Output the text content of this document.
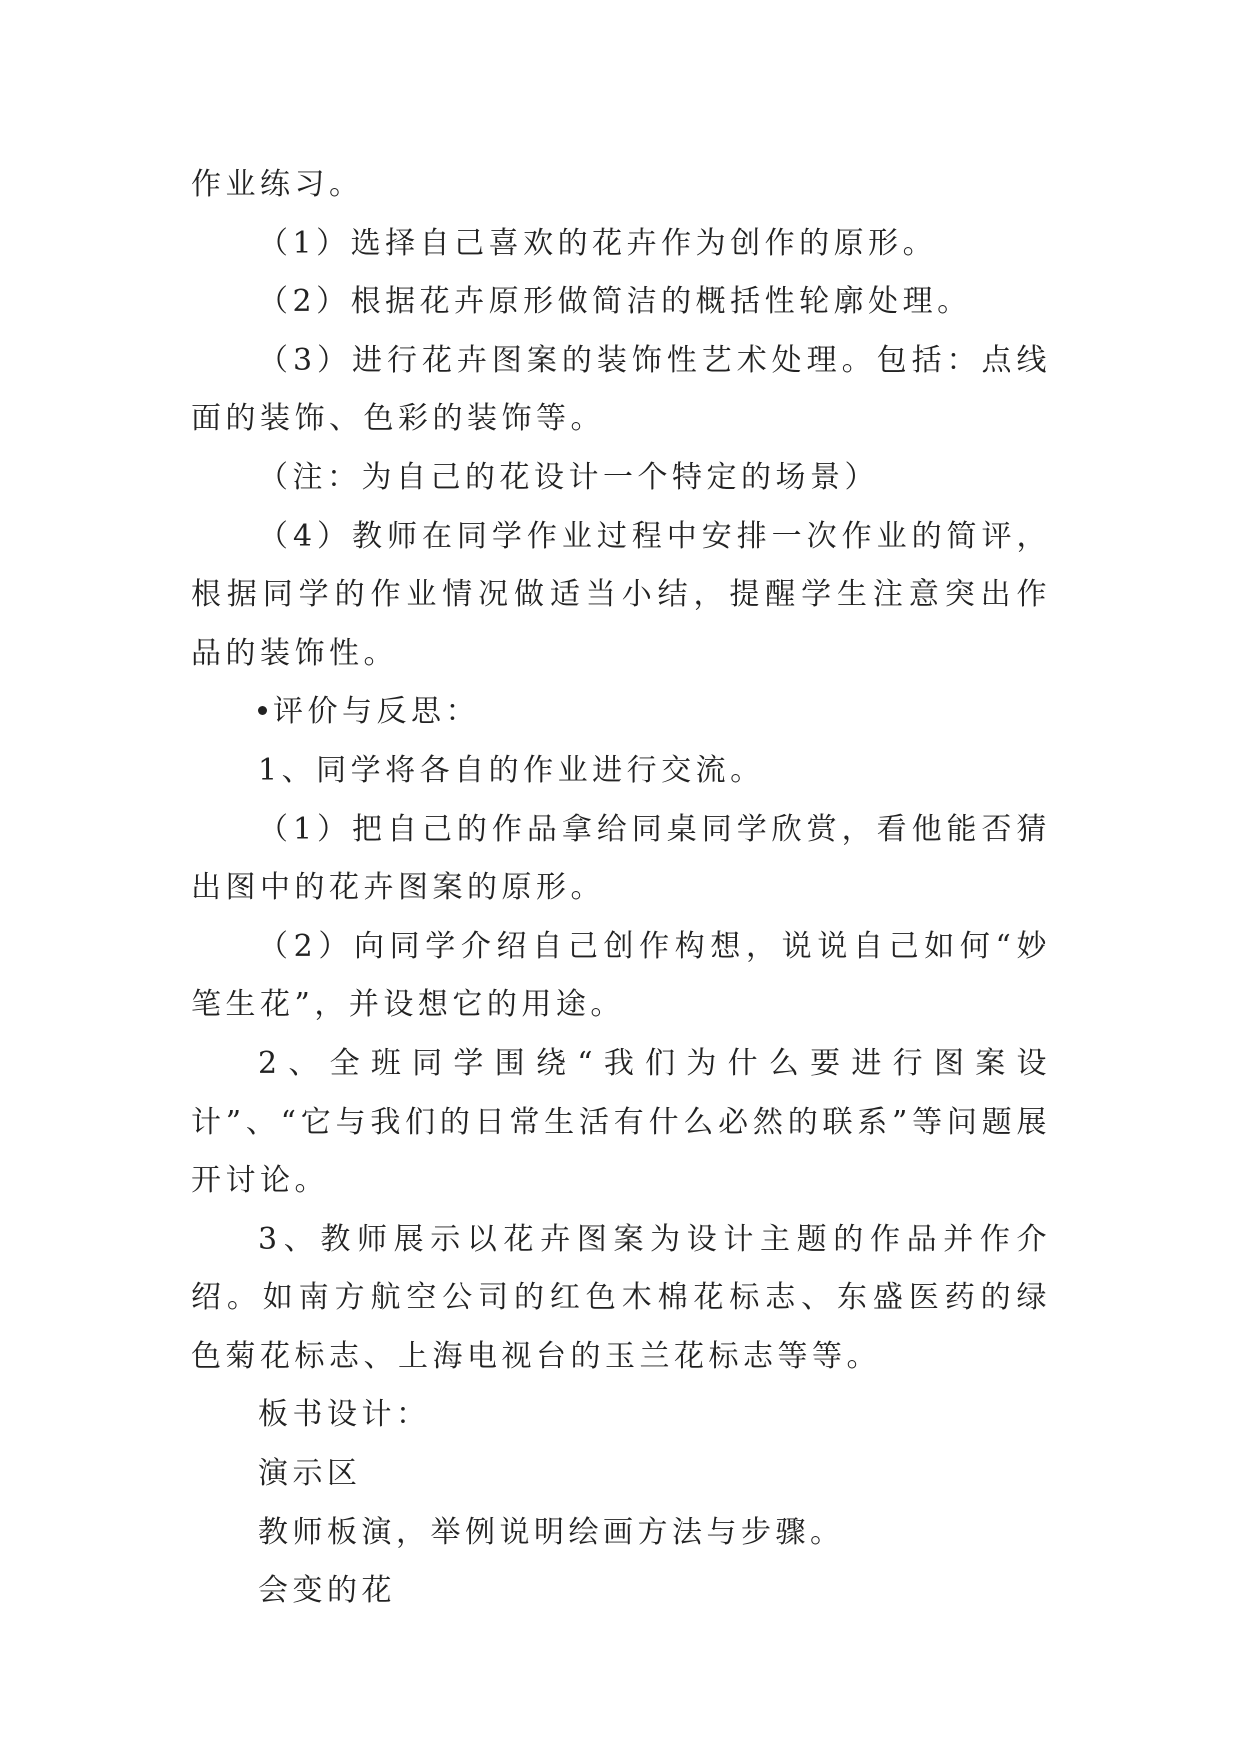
作业练习。

（1）选择自己喜欢的花卉作为创作的原形。

（2）根据花卉原形做简洁的概括性轮廓处理。

（3）进行花卉图案的装饰性艺术处理。包括：点线面的装饰、色彩的装饰等。

（注：为自己的花设计一个特定的场景）

（4）教师在同学作业过程中安排一次作业的简评，根据同学的作业情况做适当小结，提醒学生注意突出作品的装饰性。

评价与反思：

1、同学将各自的作业进行交流。

（1）把自己的作品拿给同桌同学欣赏，看他能否猜出图中的花卉图案的原形。

（2）向同学介绍自己创作构想，说说自己如何“妙笔生花”，并设想它的用途。

2、全班同学围绕“我们为什么要进行图案设计”、“它与我们的日常生活有什么必然的联系”等问题展开讨论。

3、教师展示以花卉图案为设计主题的作品并作介绍。如南方航空公司的红色木棉花标志、东盛医药的绿色菊花标志、上海电视台的玉兰花标志等等。

板书设计：

演示区

教师板演，举例说明绘画方法与步骤。

会变的花
